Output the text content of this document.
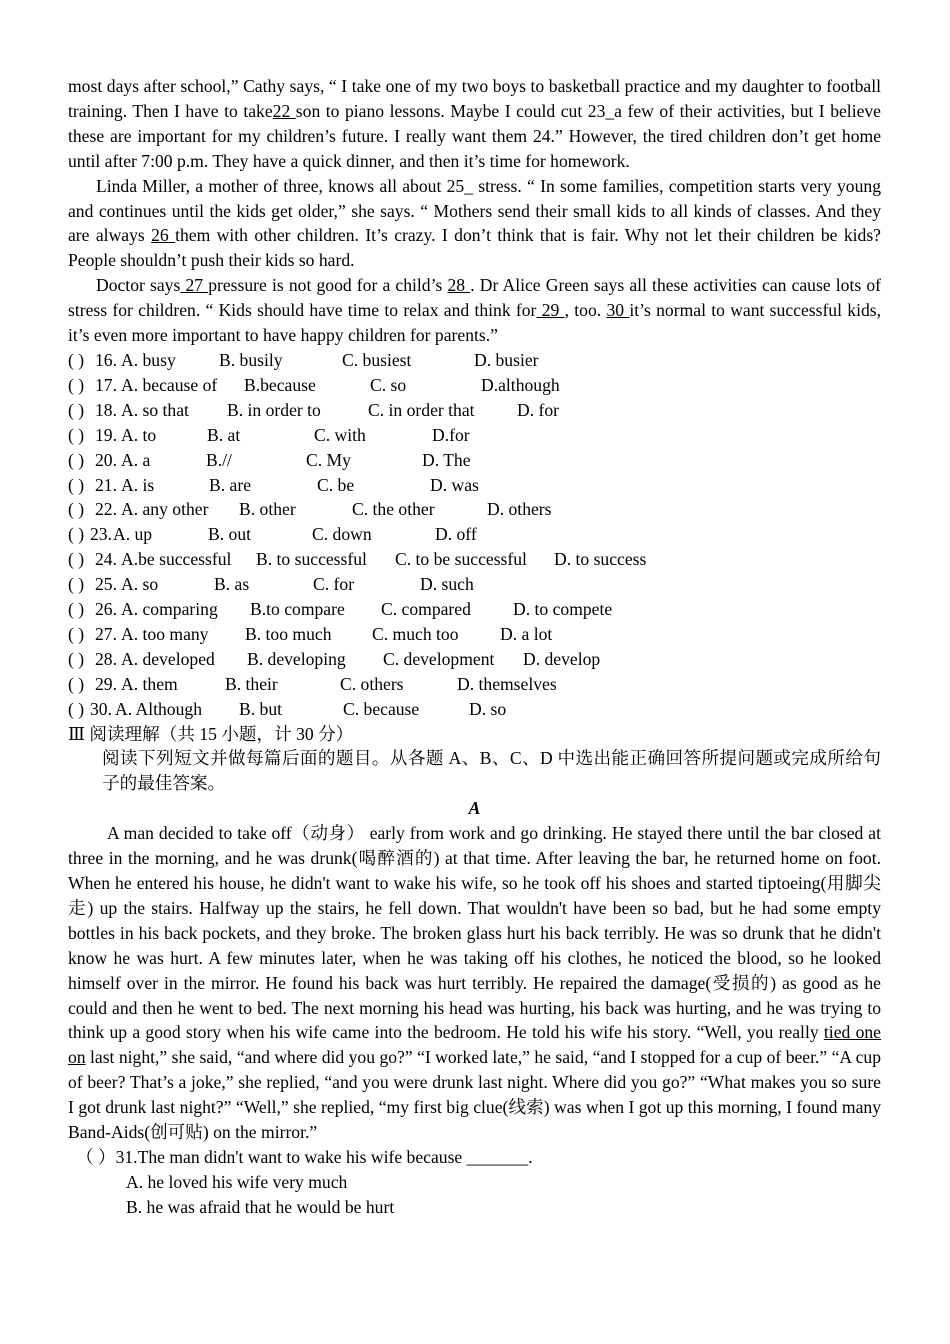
most days after school,” Cathy says, “ I take one of my two boys to basketball practice and my daughter to football training. Then I have to take22 son to piano lessons. Maybe I could cut 23_a few of their activities, but I believe these are important for my children’s future. I really want them 24.” However, the tired children don’t get home until after 7:00 p.m. They have a quick dinner, and then it’s time for homework.

Linda Miller, a mother of three, knows all about 25_ stress. “ In some families, competition starts very young and continues until the kids get older,” she says. “ Mothers send their small kids to all kinds of classes. And they are always 26 them with other children. It’s crazy. I don’t think that is fair. Why not let their children be kids? People shouldn’t push their kids so hard.

Doctor says 27 pressure is not good for a child’s 28 . Dr Alice Green says all these activities can cause lots of stress for children. “ Kids should have time to relax and think for 29 , too. 30 it’s normal to want successful kids, it’s even more important to have happy children for parents.”

( ) 16. A. busy	B. busily	C. busiest	D. busier

( ) 17. A. because of	B.because	C. so	D.although

( ) 18. A. so that	B. in order to	C. in order that	D. for

( ) 19. A. to	B. at	C. with	D.for

( ) 20. A. a	B.//	C. My	D. The

( ) 21. A. is	B. are	C. be	D. was

( ) 22. A. any other	B. other	C. the other	D. others

( ) 23. A. up	B. out	C. down	D. off

( ) 24. A.be successful	B. to successful	C. to be successful	D. to success

( ) 25. A. so	B. as	C. for	D. such

( ) 26. A. comparing	B.to compare	C. compared	D. to compete

( ) 27. A. too many	B. too much	C. much too	D. a lot

( ) 28. A. developed	B. developing	C. development	D. develop

( ) 29. A. them	B. their	C. others	D. themselves

( ) 30. A. Although	B. but	C. because	D. so

Ⅲ 阅读理解（共 15 小题，计 30 分）

阅读下列短文并做每篇后面的题目。从各题 A、B、C、D 中选出能正确回答所提问题或完成所给句子的最佳答案。

A

A man decided to take off（动身） early from work and go drinking. He stayed there until the bar closed at three in the morning, and he was drunk(喝醉酒的) at that time. After leaving the bar, he returned home on foot. When he entered his house, he didn't want to wake his wife, so he took off his shoes and started tiptoeing(用脚尖走) up the stairs. Halfway up the stairs, he fell down. That wouldn't have been so bad, but he had some empty bottles in his back pockets, and they broke. The broken glass hurt his back terribly. He was so drunk that he didn't know he was hurt. A few minutes later, when he was taking off his clothes, he noticed the blood, so he looked himself over in the mirror. He found his back was hurt terribly. He repaired the damage(受损的) as good as he could and then he went to bed. The next morning his head was hurting, his back was hurting, and he was trying to think up a good story when his wife came into the bedroom. He told his wife his story. “Well, you really tied one on last night,” she said, “and where did you go?” “I worked late,” he said, “and I stopped for a cup of beer.” “A cup of beer? That’s a joke,” she replied, “and you were drunk last night. Where did you go?” “What makes you so sure I got drunk last night?” “Well,” she replied, “my first big clue(线索) was when I got up this morning, I found many Band-Aids(创可贴) on the mirror.”

（ ）31.The man didn't want to wake his wife because _______.

A. he loved his wife very much

B. he was afraid that he would be hurt
